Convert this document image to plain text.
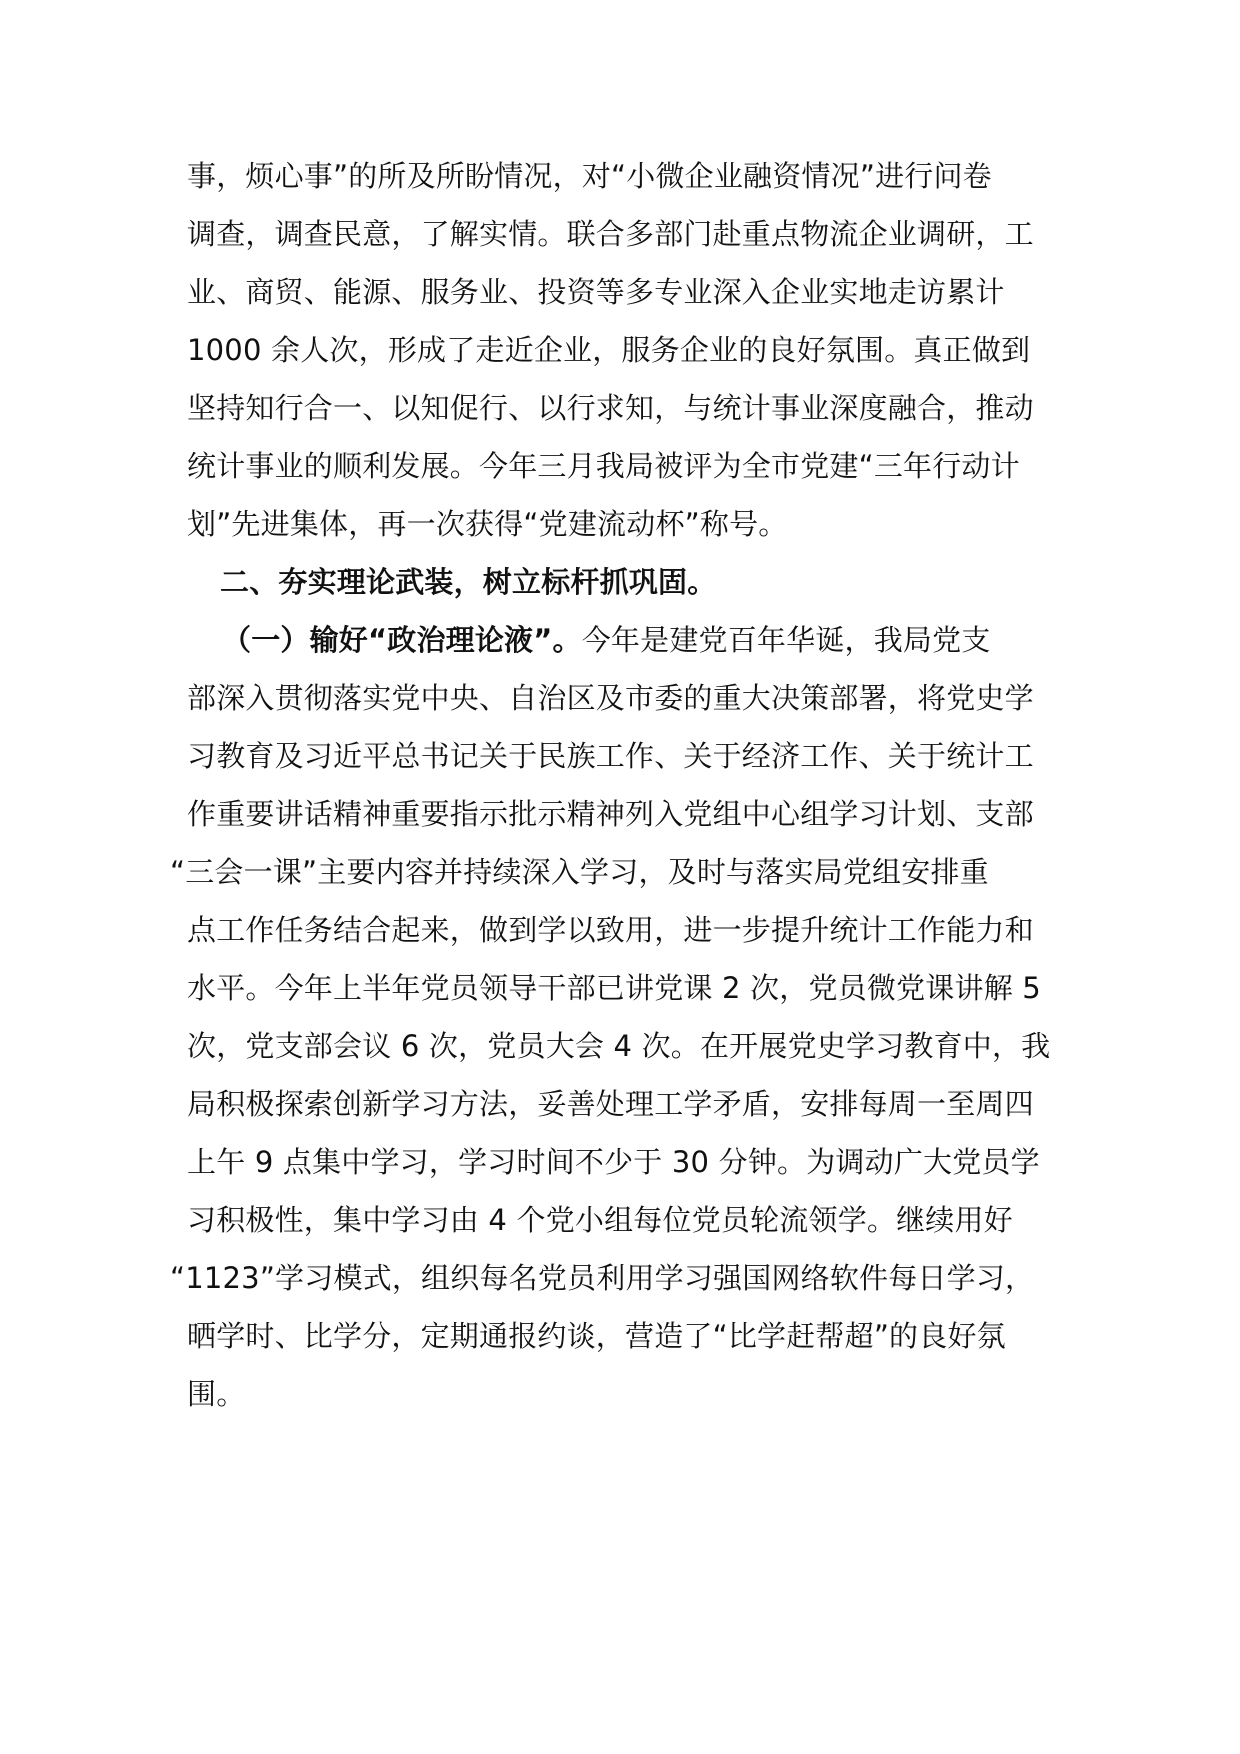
事，烦心事”的所及所盼情况，对“小微企业融资情况”进行问卷
调查，调查民意，了解实情。联合多部门赴重点物流企业调研，工
业、商贸、能源、服务业、投资等多专业深入企业实地走访累计
1000 余人次，形成了走近企业，服务企业的良好氛围。真正做到
坚持知行合一、以知促行、以行求知，与统计事业深度融合，推动
统计事业的顺利发展。今年三月我局被评为全市党建“三年行动计
划”先进集体，再一次获得“党建流动杯”称号。
二、夯实理论武装，树立标杆抓巩固。
（一）输好“政治理论液”。今年是建党百年华诞，我局党支
部深入贯彻落实党中央、自治区及市委的重大决策部署，将党史学
习教育及习近平总书记关于民族工作、关于经济工作、关于统计工
作重要讲话精神重要指示批示精神列入党组中心组学习计划、支部
“三会一课”主要内容并持续深入学习，及时与落实局党组安排重
点工作任务结合起来，做到学以致用，进一步提升统计工作能力和
水平。今年上半年党员领导干部已讲党课 2 次，党员微党课讲解 5
次，党支部会议 6 次，党员大会 4 次。在开展党史学习教育中，我
局积极探索创新学习方法，妥善处理工学矛盾，安排每周一至周四
上午 9 点集中学习，学习时间不少于 30 分钟。为调动广大党员学
习积极性，集中学习由 4 个党小组每位党员轮流领学。继续用好
“1123”学习模式，组织每名党员利用学习强国网络软件每日学习，
晒学时、比学分，定期通报约谈，营造了“比学赶帮超”的良好氛
围。
